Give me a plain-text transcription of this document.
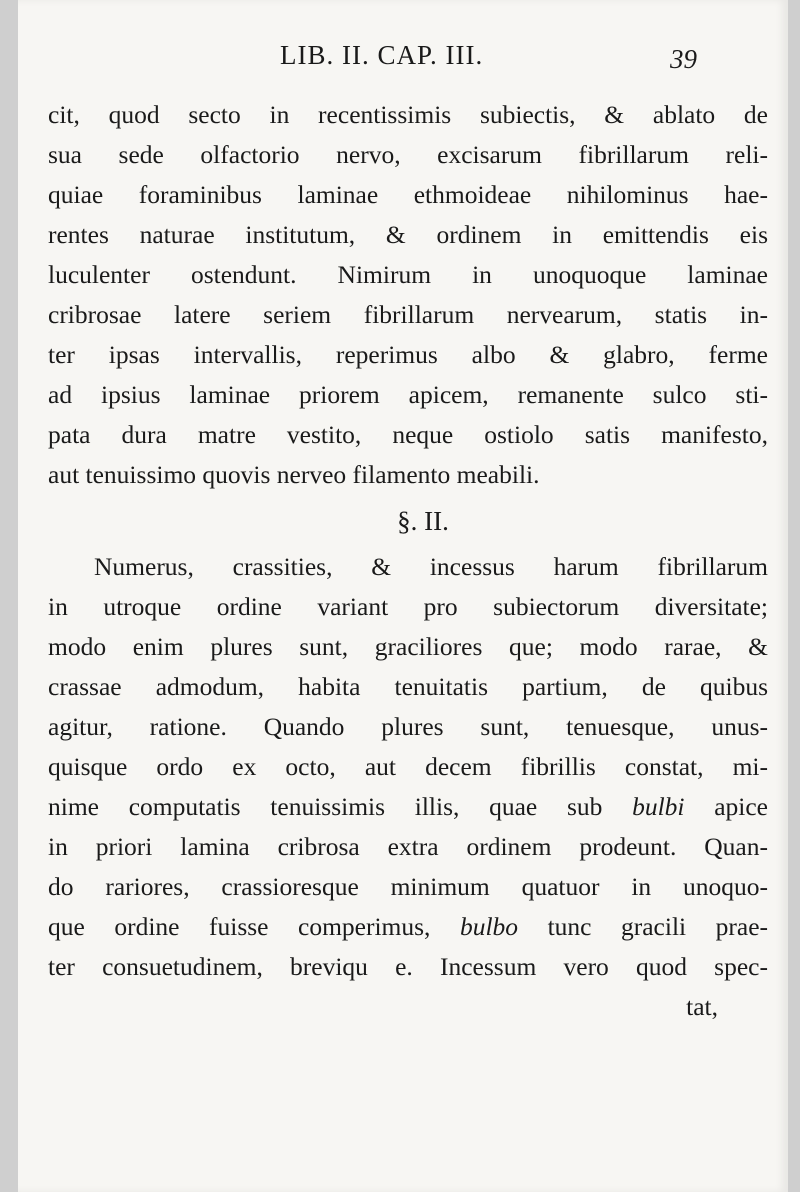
LIB. II. CAP. III.	39
cit, quod secto in recentissimis subiectis, & ablato de
sua sede olfactorio nervo, excisarum fibrillarum reli-
quiae foraminibus laminae ethmoideae nihilominus hae-
rentes naturae institutum, & ordinem in emittendis eis
luculenter ostendunt. Nimirum in unoquoque laminae
cribrosae latere seriem fibrillarum nervearum, statis in-
ter ipsas intervallis, reperimus albo & glabro, ferme
ad ipsius laminae priorem apicem, remanente sulco sti-
pata dura matre vestito, neque ostiolo satis manifesto,
aut tenuissimo quovis nerveo filamento meabili.
§. II.
Numerus, crassities, & incessus harum fibrillarum
in utroque ordine variant pro subiectorum diversitate;
modo enim plures sunt, graciliores que; modo rarae, &
crassae admodum, habita tenuitatis partium, de quibus
agitur, ratione. Quando plures sunt, tenuesque, unus-
quisque ordo ex octo, aut decem fibrillis constat, mi-
nime computatis tenuissimis illis, quae sub bulbi apice
in priori lamina cribrosa extra ordinem prodeunt. Quan-
do rariores, crassioresque minimum quatuor in unoquo-
que ordine fuisse comperimus, bulbo tunc gracili prae-
ter consuetudinem, breviqu e. Incessum vero quod spec-
tat,
